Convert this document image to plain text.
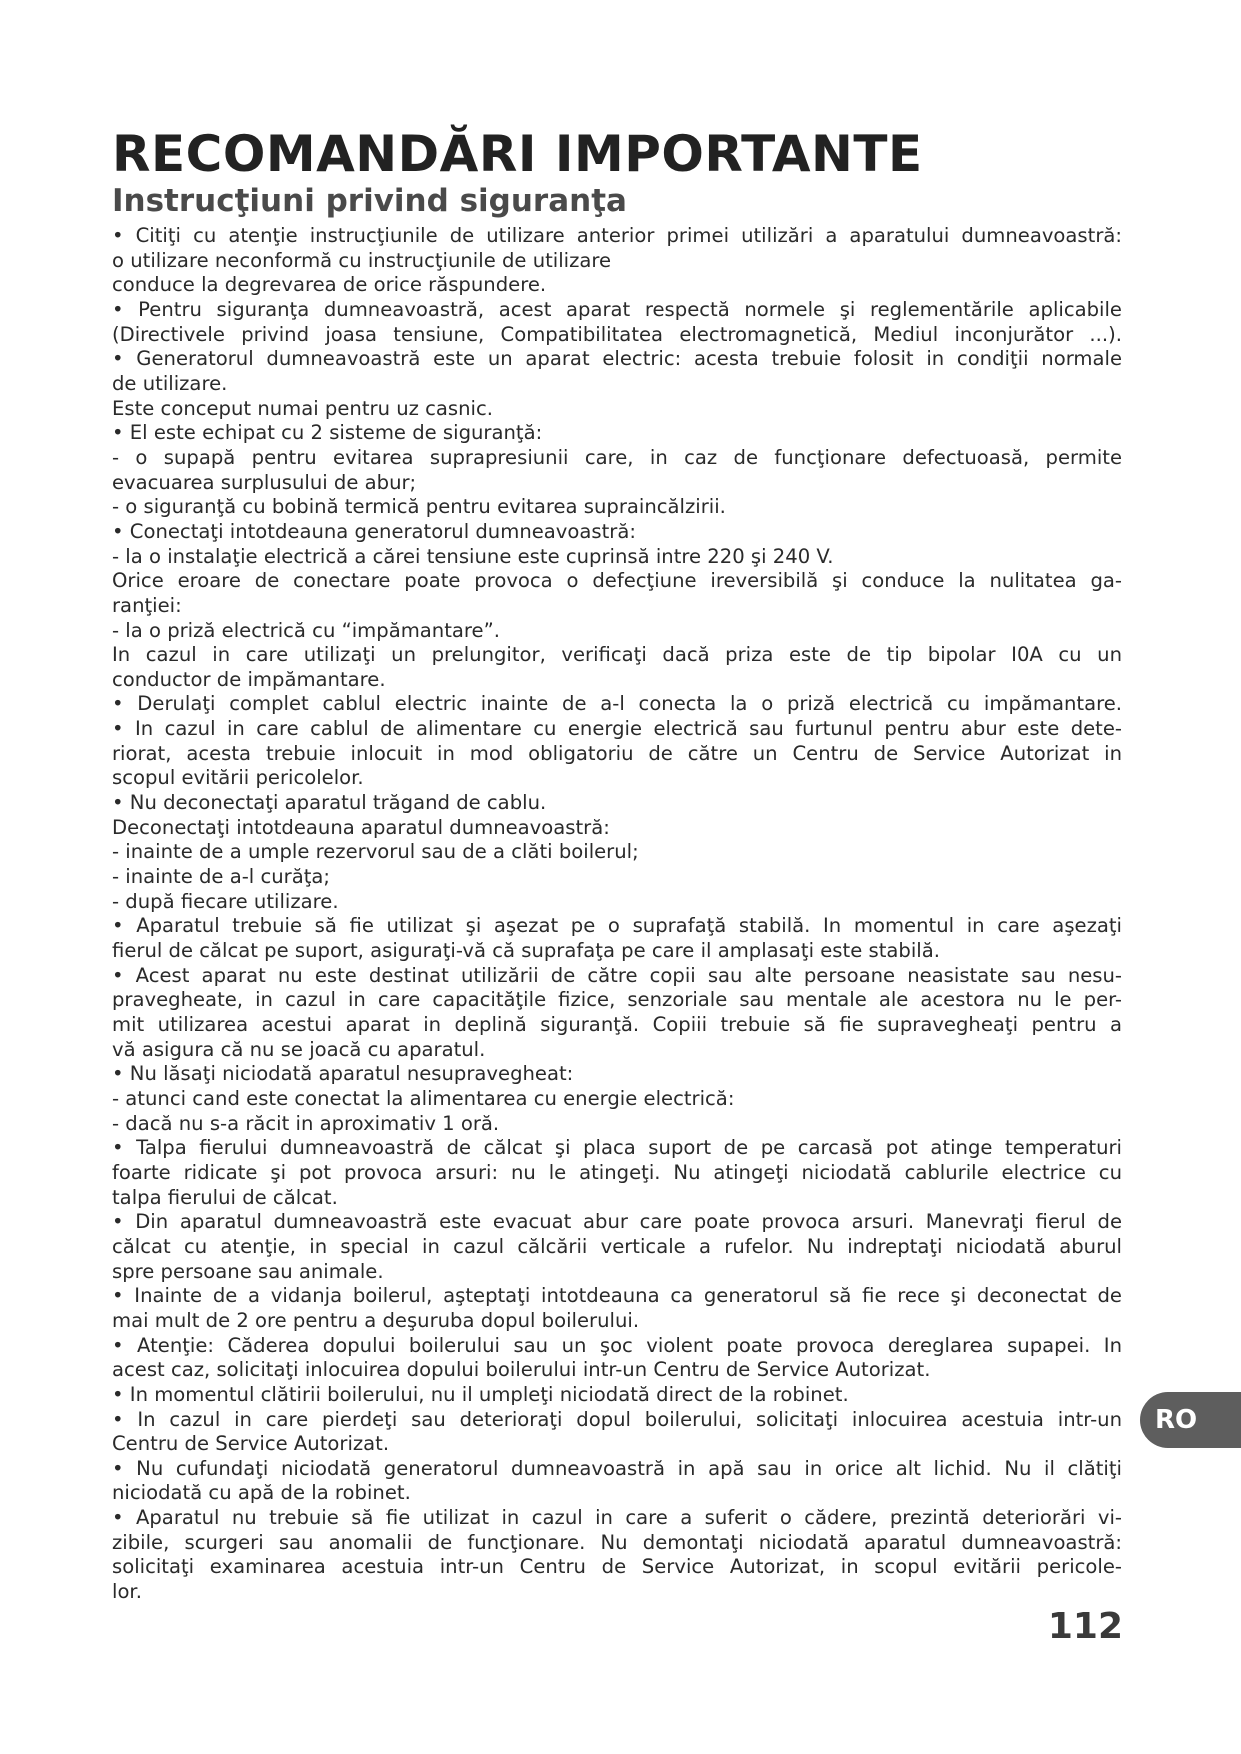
RECOMANDĂRI IMPORTANTE
Instrucţiuni privind siguranţa
• Citiţi cu atenţie instrucţiunile de utilizare anterior primei utilizări a aparatului dumneavoastră:
o utilizare neconformă cu instrucţiunile de utilizare
conduce la degrevarea de orice răspundere.
• Pentru siguranţa dumneavoastră, acest aparat respectă normele şi reglementările aplicabile
(Directivele privind joasa tensiune, Compatibilitatea electromagnetică, Mediul inconjurător ...).
• Generatorul dumneavoastră este un aparat electric: acesta trebuie folosit in condiţii normale
de utilizare.
Este conceput numai pentru uz casnic.
• El este echipat cu 2 sisteme de siguranţă:
- o supapă pentru evitarea suprapresiunii care, in caz de funcţionare defectuoasă, permite
evacuarea surplusului de abur;
- o siguranţă cu bobină termică pentru evitarea supraincălzirii.
• Conectaţi intotdeauna generatorul dumneavoastră:
- la o instalaţie electrică a cărei tensiune este cuprinsă intre 220 şi 240 V.
Orice eroare de conectare poate provoca o defecţiune ireversibilă şi conduce la nulitatea ga-
ranţiei:
- la o priză electrică cu “impămantare”.
In cazul in care utilizaţi un prelungitor, verificaţi dacă priza este de tip bipolar I0A cu un
conductor de impămantare.
• Derulaţi complet cablul electric inainte de a-l conecta la o priză electrică cu impămantare.
• In cazul in care cablul de alimentare cu energie electrică sau furtunul pentru abur este dete-
riorat, acesta trebuie inlocuit in mod obligatoriu de către un Centru de Service Autorizat in
scopul evitării pericolelor.
• Nu deconectaţi aparatul trăgand de cablu.
Deconectaţi intotdeauna aparatul dumneavoastră:
- inainte de a umple rezervorul sau de a clăti boilerul;
- inainte de a-l curăţa;
- după fiecare utilizare.
• Aparatul trebuie să fie utilizat şi aşezat pe o suprafaţă stabilă. In momentul in care aşezaţi
fierul de călcat pe suport, asiguraţi-vă că suprafaţa pe care il amplasaţi este stabilă.
• Acest aparat nu este destinat utilizării de către copii sau alte persoane neasistate sau nesu-
pravegheate, in cazul in care capacităţile fizice, senzoriale sau mentale ale acestora nu le per-
mit utilizarea acestui aparat in deplină siguranţă. Copiii trebuie să fie supravegheaţi pentru a
vă asigura că nu se joacă cu aparatul.
• Nu lăsaţi niciodată aparatul nesupravegheat:
- atunci cand este conectat la alimentarea cu energie electrică:
- dacă nu s-a răcit in aproximativ 1 oră.
• Talpa fierului dumneavoastră de călcat şi placa suport de pe carcasă pot atinge temperaturi
foarte ridicate şi pot provoca arsuri: nu le atingeţi. Nu atingeţi niciodată cablurile electrice cu
talpa fierului de călcat.
• Din aparatul dumneavoastră este evacuat abur care poate provoca arsuri. Manevraţi fierul de
călcat cu atenţie, in special in cazul călcării verticale a rufelor. Nu indreptaţi niciodată aburul
spre persoane sau animale.
• Inainte de a vidanja boilerul, aşteptaţi intotdeauna ca generatorul să fie rece şi deconectat de
mai mult de 2 ore pentru a deşuruba dopul boilerului.
• Atenţie: Căderea dopului boilerului sau un şoc violent poate provoca dereglarea supapei. In
acest caz, solicitaţi inlocuirea dopului boilerului intr-un Centru de Service Autorizat.
• In momentul clătirii boilerului, nu il umpleţi niciodată direct de la robinet.
• In cazul in care pierdeţi sau deterioraţi dopul boilerului, solicitaţi inlocuirea acestuia intr-un
Centru de Service Autorizat.
• Nu cufundaţi niciodată generatorul dumneavoastră in apă sau in orice alt lichid. Nu il clătiţi
niciodată cu apă de la robinet.
• Aparatul nu trebuie să fie utilizat in cazul in care a suferit o cădere, prezintă deteriorări vi-
zibile, scurgeri sau anomalii de funcţionare. Nu demontaţi niciodată aparatul dumneavoastră:
solicitaţi examinarea acestuia intr-un Centru de Service Autorizat, in scopul evitării pericole-
lor.
RO
112
